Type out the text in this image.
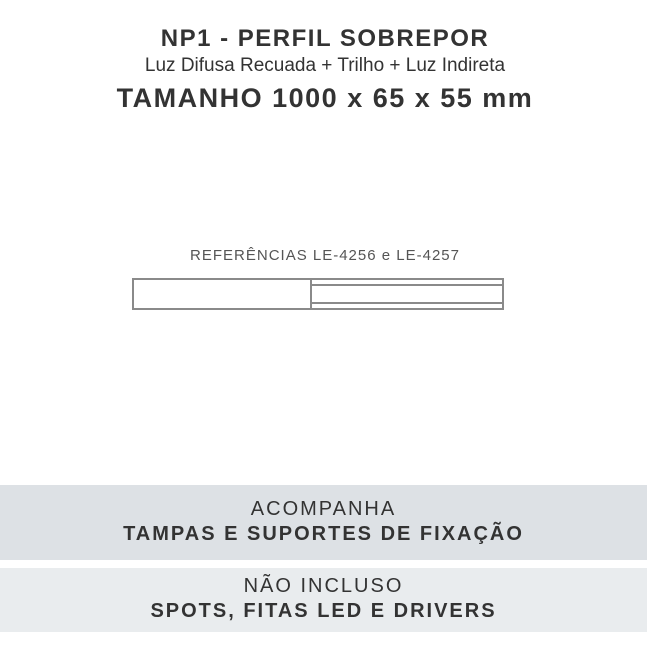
NP1 - PERFIL SOBREPOR
Luz Difusa Recuada + Trilho + Luz Indireta
TAMANHO 1000 x 65 x 55 mm
REFERÊNCIAS LE-4256 e LE-4257
ACOMPANHA
TAMPAS E SUPORTES DE FIXAÇÃO
NÃO INCLUSO
SPOTS, FITAS LED E DRIVERS
